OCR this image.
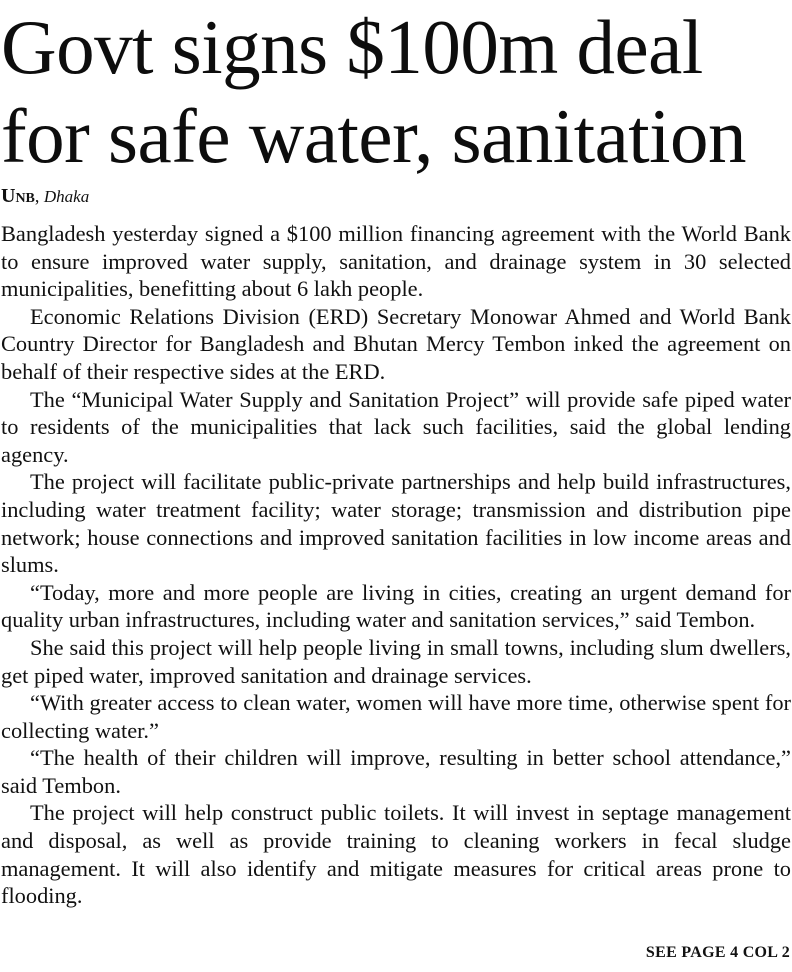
Govt signs $100m deal
for safe water, sanitation
Unb, Dhaka

Bangladesh yesterday signed a $100 million financing agreement with the World Bank to ensure improved water supply, sanitation, and drainage system in 30 selected municipalities, benefitting about 6 lakh people.

Economic Relations Division (ERD) Secretary Monowar Ahmed and World Bank Country Director for Bangladesh and Bhutan Mercy Tembon inked the agreement on behalf of their respective sides at the ERD.

The “Municipal Water Supply and Sanitation Project” will provide safe piped water to residents of the municipalities that lack such facilities, said the global lending agency.

The project will facilitate public-private partnerships and help build infrastructures, including water treatment facility; water storage; transmission and distribution pipe network; house connections and improved sanitation facilities in low income areas and slums.

“Today, more and more people are living in cities, creating an urgent demand for quality urban infrastructures, including water and sanitation services,” said Tembon.

She said this project will help people living in small towns, including slum dwellers, get piped water, improved sanitation and drainage services.

“With greater access to clean water, women will have more time, otherwise spent for collecting water.”

“The health of their children will improve, resulting in better school attendance,” said Tembon.

The project will help construct public toilets. It will invest in septage management and disposal, as well as provide training to cleaning workers in fecal sludge management. It will also identify and mitigate measures for critical areas prone to flooding.

SEE PAGE 4 COL 2
